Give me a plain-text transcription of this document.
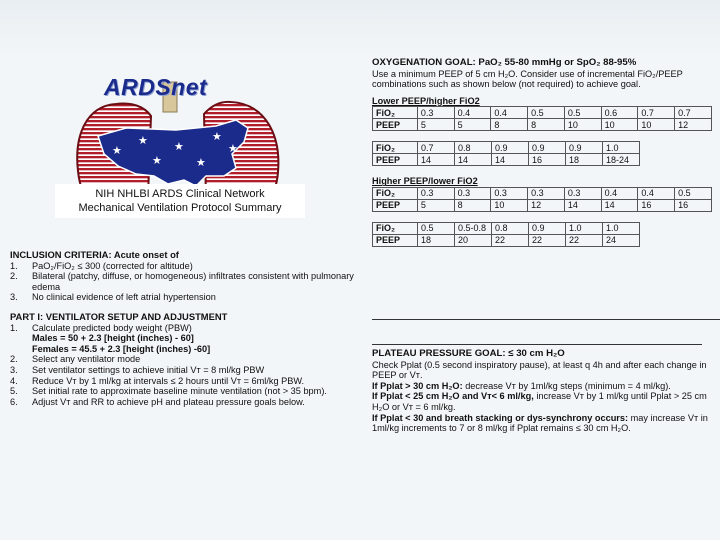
★
★
★
★
★
★
★
ARDSnet
NIH NHLBI ARDS Clinical Network
Mechanical Ventilation Protocol Summary
INCLUSION CRITERIA: Acute onset of
1. PaO₂/FiO₂ ≤ 300 (corrected for altitude)
2. Bilateral (patchy, diffuse, or homogeneous) infiltrates consistent with pulmonary edema
3. No clinical evidence of left atrial hypertension
PART I: VENTILATOR SETUP AND ADJUSTMENT
1. Calculate predicted body weight (PBW)
Males = 50 + 2.3 [height (inches) - 60]
Females = 45.5 + 2.3 [height (inches) -60]
2. Select any ventilator mode
3. Set ventilator settings to achieve initial Vᴛ = 8 ml/kg PBW
4. Reduce Vᴛ by 1 ml/kg at intervals ≤ 2 hours until Vᴛ = 6ml/kg PBW.
5. Set initial rate to approximate baseline minute ventilation (not > 35 bpm).
6. Adjust Vᴛ and RR to achieve pH and plateau pressure goals below.
OXYGENATION GOAL: PaO₂ 55-80 mmHg or SpO₂ 88-95%
Use a minimum PEEP of 5 cm H₂O. Consider use of incremental FiO₂/PEEP combinations such as shown below (not required) to achieve goal.
Lower PEEP/higher FiO2
FiO₂	0.3	0.4	0.4	0.5	0.5	0.6	0.7	0.7
PEEP	5	5	8	8	10	10	10	12
FiO₂	0.7	0.8	0.9	0.9	0.9	1.0
PEEP	14	14	14	16	18	18-24
Higher PEEP/lower FiO2
FiO₂	0.3	0.3	0.3	0.3	0.3	0.4	0.4	0.5
PEEP	5	8	10	12	14	14	16	16
FiO₂	0.5	0.5-0.8	0.8	0.9	1.0	1.0
PEEP	18	20	22	22	22	24
PLATEAU PRESSURE GOAL: ≤ 30 cm H₂O
Check Pplat (0.5 second inspiratory pause), at least q 4h and after each change in PEEP or Vᴛ.
If Pplat > 30 cm H₂O: decrease Vᴛ by 1ml/kg steps (minimum = 4 ml/kg).
If Pplat < 25 cm H₂O and Vᴛ< 6 ml/kg, increase Vᴛ by 1 ml/kg until Pplat > 25 cm H₂O or Vᴛ = 6 ml/kg.
If Pplat < 30 and breath stacking or dys-synchrony occurs: may increase Vᴛ in 1ml/kg increments to 7 or 8 ml/kg if Pplat remains ≤ 30 cm H₂O.
